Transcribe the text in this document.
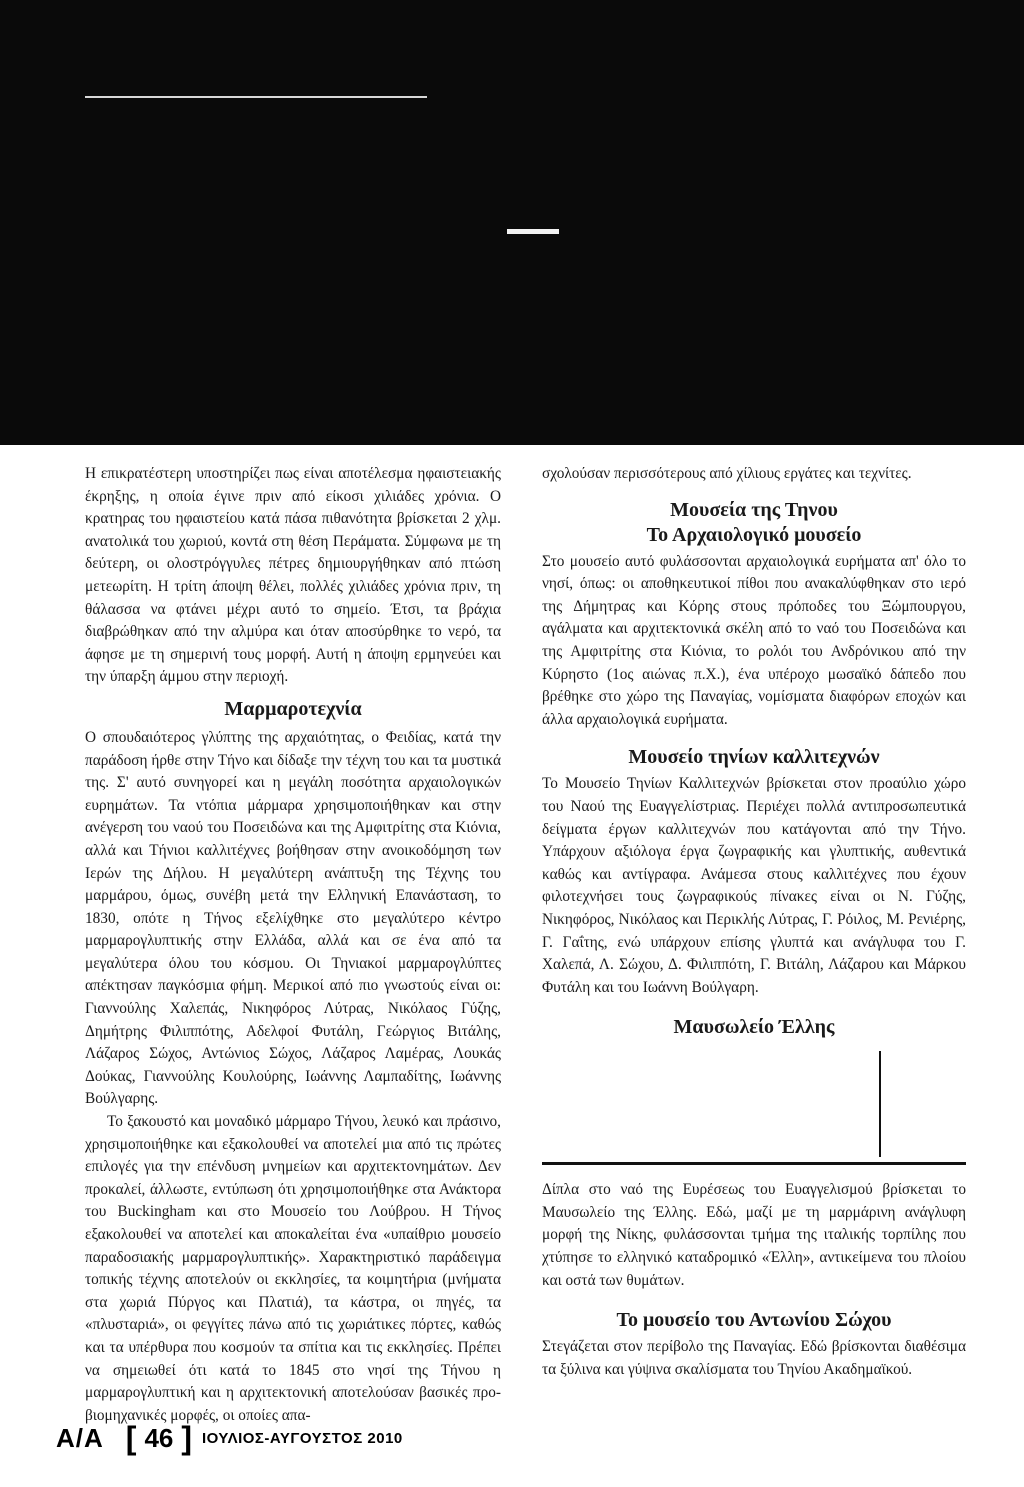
Η επικρατέστερη υποστηρίζει πως είναι αποτέλεσμα ηφαιστειακής έκρηξης, η οποία έγινε πριν από είκοσι χιλιάδες χρόνια. Ο κρατηρας του ηφαιστείου κατά πάσα πιθανότητα βρίσκεται 2 χλμ. ανατολικά του χωριού, κοντά στη θέση Περάματα. Σύμφωνα με τη δεύτερη, οι ολοστρόγγυλες πέτρες δημιουργήθηκαν από πτώση μετεωρίτη. Η τρίτη άποψη θέλει, πολλές χιλιάδες χρόνια πριν, τη θάλασσα να φτάνει μέχρι αυτό το σημείο. Έτσι, τα βράχια διαβρώθηκαν από την αλμύρα και όταν αποσύρθηκε το νερό, τα άφησε με τη σημερινή τους μορφή. Αυτή η άποψη ερμηνεύει και την ύπαρξη άμμου στην περιοχή.

Μαρμαροτεχνία

Ο σπουδαιότερος γλύπτης της αρχαιότητας, ο Φειδίας, κατά την παράδοση ήρθε στην Τήνο και δίδαξε την τέχνη του και τα μυστικά της. Σ' αυτό συνηγορεί και η μεγάλη ποσότητα αρχαιολογικών ευρημάτων. Τα ντόπια μάρμαρα χρησιμοποιήθηκαν και στην ανέγερση του ναού του Ποσειδώνα και της Αμφιτρίτης στα Κιόνια, αλλά και Τήνιοι καλλιτέχνες βοήθησαν στην ανοικοδόμηση των Ιερών της Δήλου. Η μεγαλύτερη ανάπτυξη της Τέχνης του μαρμάρου, όμως, συνέβη μετά την Ελληνική Επανάσταση, το 1830, οπότε η Τήνος εξελίχθηκε στο μεγαλύτερο κέντρο μαρμαρογλυπτικής στην Ελλάδα, αλλά και σε ένα από τα μεγαλύτερα όλου του κόσμου. Οι Τηνιακοί μαρμαρογλύπτες απέκτησαν παγκόσμια φήμη. Μερικοί από πιο γνωστούς είναι οι: Γιαννούλης Χαλεπάς, Νικηφόρος Λύτρας, Νικόλαος Γύζης, Δημήτρης Φιλιππότης, Αδελφοί Φυτάλη, Γεώργιος Βιτάλης, Λάζαρος Σώχος, Αντώνιος Σώχος, Λάζαρος Λαμέρας, Λουκάς Δούκας, Γιαννούλης Κουλούρης, Ιωάννης Λαμπαδίτης, Ιωάννης Βούλγαρης.

Το ξακουστό και μοναδικό μάρμαρο Τήνου, λευκό και πράσινο, χρησιμοποιήθηκε και εξακολουθεί να αποτελεί μια από τις πρώτες επιλογές για την επένδυση μνημείων και αρχιτεκτονημάτων. Δεν προκαλεί, άλλωστε, εντύπωση ότι χρησιμοποιήθηκε στα Ανάκτορα του Buckingham και στο Μουσείο του Λούβρου. Η Τήνος εξακολουθεί να αποτελεί και αποκαλείται ένα «υπαίθριο μουσείο παραδοσιακής μαρμαρογλυπτικής». Χαρακτηριστικό παράδειγμα τοπικής τέχνης αποτελούν οι εκκλησίες, τα κοιμητήρια (μνήματα στα χωριά Πύργος και Πλατιά), τα κάστρα, οι πηγές, τα «πλυσταριά», οι φεγγίτες πάνω από τις χωριάτικες πόρτες, καθώς και τα υπέρθυρα που κοσμούν τα σπίτια και τις εκκλησίες. Πρέπει να σημειωθεί ότι κατά το 1845 στο νησί της Τήνου η μαρμαρογλυπτική και η αρχιτεκτονική αποτελούσαν βασικές προ-βιομηχανικές μορφές, οι οποίες απα-

σχολούσαν περισσότερους από χίλιους εργάτες και τεχνίτες.

Μουσεία της Τηνου
Το Αρχαιολογικό μουσείο

Στο μουσείο αυτό φυλάσσονται αρχαιολογικά ευρήματα απ' όλο το νησί, όπως: οι αποθηκευτικοί πίθοι που ανακαλύφθηκαν στο ιερό της Δήμητρας και Κόρης στους πρόποδες του Ξώμπουργου, αγάλματα και αρχιτεκτονικά σκέλη από το ναό του Ποσειδώνα και της Αμφιτρίτης στα Κιόνια, το ρολόι του Ανδρόνικου από την Κύρηστο (1ος αιώνας π.Χ.), ένα υπέροχο μωσαϊκό δάπεδο που βρέθηκε στο χώρο της Παναγίας, νομίσματα διαφόρων εποχών και άλλα αρχαιολογικά ευρήματα.

Μουσείο τηνίων καλλιτεχνών

Το Μουσείο Τηνίων Καλλιτεχνών βρίσκεται στον προαύλιο χώρο του Ναού της Ευαγγελίστριας. Περιέχει πολλά αντιπροσωπευτικά δείγματα έργων καλλιτεχνών που κατάγονται από την Τήνο. Υπάρχουν αξιόλογα έργα ζωγραφικής και γλυπτικής, αυθεντικά καθώς και αντίγραφα. Ανάμεσα στους καλλιτέχνες που έχουν φιλοτεχνήσει τους ζωγραφικούς πίνακες είναι οι Ν. Γύζης, Νικηφόρος, Νικόλαος και Περικλής Λύτρας, Γ. Ρόιλος, Μ. Ρενιέρης, Γ. Γαΐτης, ενώ υπάρχουν επίσης γλυπτά και ανάγλυφα του Γ. Χαλεπά, Λ. Σώχου, Δ. Φιλιππότη, Γ. Βιτάλη, Λάζαρου και Μάρκου Φυτάλη και του Ιωάννη Βούλγαρη.

Μαυσωλείο Έλλης

Δίπλα στο ναό της Ευρέσεως του Ευαγγελισμού βρίσκεται το Μαυσωλείο της Έλλης. Εδώ, μαζί με τη μαρμάρινη ανάγλυφη μορφή της Νίκης, φυλάσσονται τμήμα της ιταλικής τορπίλης που χτύπησε το ελληνικό καταδρομικό «Έλλη», αντικείμενα του πλοίου και οστά των θυμάτων.

Το μουσείο του Αντωνίου Σώχου

Στεγάζεται στον περίβολο της Παναγίας. Εδώ βρίσκονται διαθέσιμα τα ξύλινα και γύψινα σκαλίσματα του Τηνίου Ακαδημαϊκού.

Α/Α [ 46 ] ΙΟΥΛΙΟΣ-ΑΥΓΟΥΣΤΟΣ 2010
